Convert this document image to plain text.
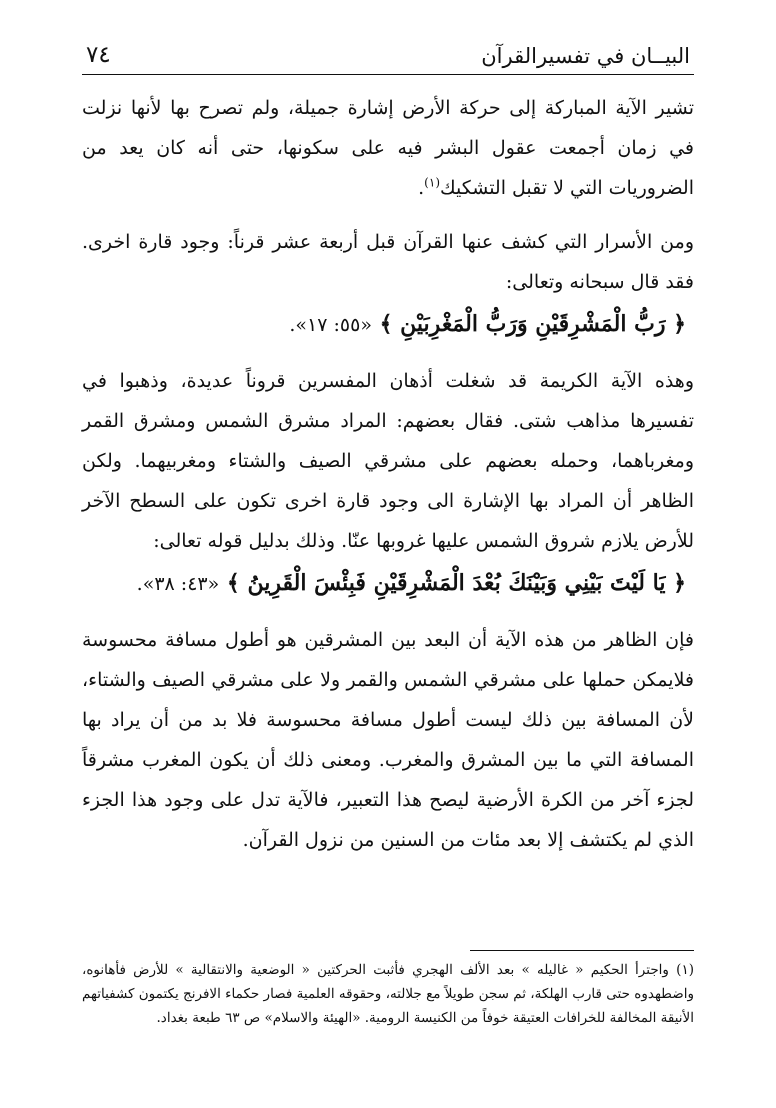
البيــان في تفسيرالقرآن
٧٤

تشير الآية المباركة إلى حركة الأرض إشارة جميلة، ولم تصرح بها لأنها نزلت في زمان أجمعت عقول البشر فيه على سكونها، حتى أنه كان يعد من الضروريات التي لا تقبل التشكيك$^{(١)}$.

ومن الأسرار التي كشف عنها القرآن قبل أربعة عشر قرناً: وجود قارة اخرى. فقد قال سبحانه وتعالى:

﴿ رَبُّ الْمَشْرِقَيْنِ وَرَبُّ الْمَغْرِبَيْنِ ﴾ «٥٥: ١٧».

وهذه الآية الكريمة قد شغلت أذهان المفسرين قروناً عديدة، وذهبوا في تفسيرها مذاهب شتى. فقال بعضهم: المراد مشرق الشمس ومشرق القمر ومغرباهما، وحمله بعضهم على مشرقي الصيف والشتاء ومغربيهما. ولكن الظاهر أن المراد بها الإشارة الى وجود قارة اخرى تكون على السطح الآخر للأرض يلازم شروق الشمس عليها غروبها عنّا. وذلك بدليل قوله تعالى:

﴿ يَا لَيْتَ بَيْنِي وَبَيْنَكَ بُعْدَ الْمَشْرِقَيْنِ فَبِئْسَ الْقَرِينُ ﴾ «٤٣: ٣٨».

فإن الظاهر من هذه الآية أن البعد بين المشرقين هو أطول مسافة محسوسة فلايمكن حملها على مشرقي الشمس والقمر ولا على مشرقي الصيف والشتاء، لأن المسافة بين ذلك ليست أطول مسافة محسوسة فلا بد من أن يراد بها المسافة التي ما بين المشرق والمغرب. ومعنى ذلك أن يكون المغرب مشرقاً لجزء آخر من الكرة الأرضية ليصح هذا التعبير، فالآية تدل على وجود هذا الجزء الذي لم يكتشف إلا بعد مئات من السنين من نزول القرآن.

(١) واجترأ الحكيم « غاليله » بعد الألف الهجري فأثبت الحركتين « الوضعية والانتقالية » للأرض فأهانوه، واضطهدوه حتى قارب الهلكة، ثم سجن طويلاً مع جلالته، وحقوقه العلمية فصار حكماء الافرنج يكتمون كشفياتهم الأنيقة المخالفة للخرافات العتيقة خوفاً من الكنيسة الرومية. «الهيئة والاسلام» ص ٦٣ طبعة بغداد.
